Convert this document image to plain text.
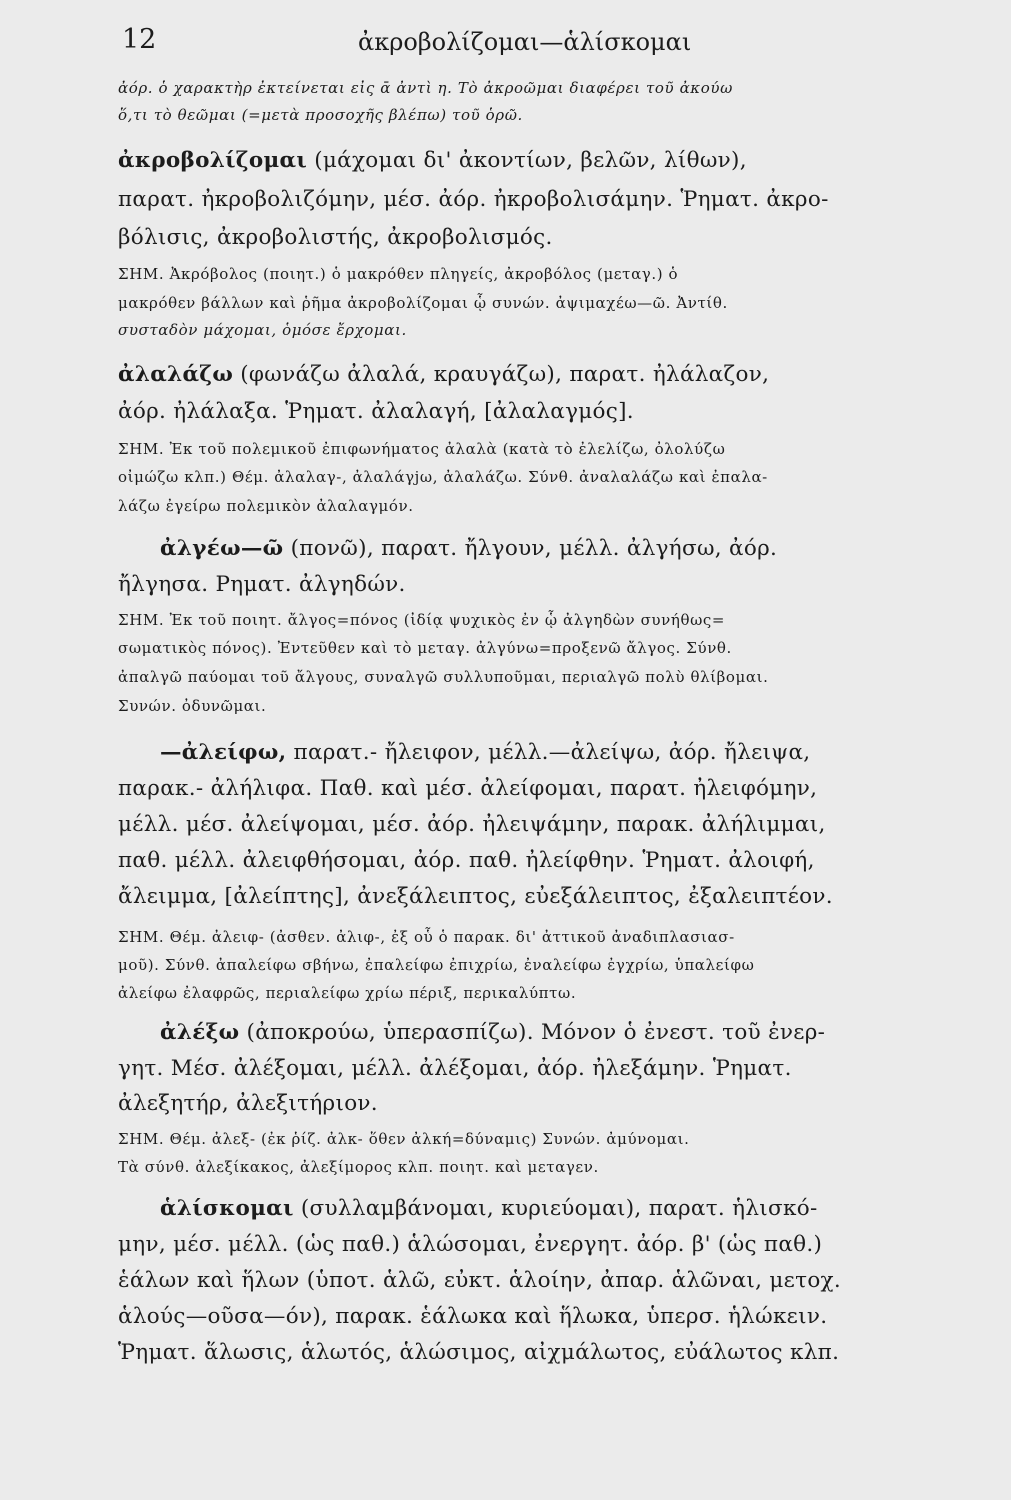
12	ἀκροβολίζομαι—ἁλίσκομαι
ἀόρ. ὁ χαρακτὴρ ἐκτείνεται εἰς ᾱ ἀντὶ η. Τὸ ἀκροῶμαι διαφέρει τοῦ ἀκούω
ὅ,τι τὸ θεῶμαι (=μετὰ προσοχῆς βλέπω) τοῦ ὁρῶ.
ἀκροβολίζομαι (μάχομαι δι' ἀκοντίων, βελῶν, λίθων),
παρατ. ἠκροβολιζόμην, μέσ. ἀόρ. ἠκροβολισάμην. Ῥηματ. ἀκρο-
βόλισις, ἀκροβολιστής, ἀκροβολισμός.
ΣΗΜ. Ἀκρόβολος (ποιητ.) ὁ μακρόθεν πληγείς, ἀκροβόλος (μεταγ.) ὁ
μακρόθεν βάλλων καὶ ῥῆμα ἀκροβολίζομαι ᾧ συνών. ἀψιμαχέω—ῶ. Ἀντίθ.
συσταδὸν μάχομαι, ὁμόσε ἔρχομαι.
ἀλαλάζω (φωνάζω ἀλαλά, κραυγάζω), παρατ. ἠλάλαζον,
ἀόρ. ἠλάλαξα. Ῥηματ. ἀλαλαγή, [ἀλαλαγμός].
ΣΗΜ. Ἐκ τοῦ πολεμικοῦ ἐπιφωνήματος ἀλαλὰ (κατὰ τὸ ἐλελίζω, ὀλολύζω
οἰμώζω κλπ.) Θέμ. ἀλαλαγ-, ἀλαλάγjω, ἀλαλάζω. Σύνθ. ἀναλαλάζω καὶ ἐπαλα-
λάζω ἐγείρω πολεμικὸν ἀλαλαγμόν.
ἀλγέω—ῶ (πονῶ), παρατ. ἤλγουν, μέλλ. ἀλγήσω, ἀόρ.
ἤλγησα. Ρηματ. ἀλγηδών.
ΣΗΜ. Ἐκ τοῦ ποιητ. ἄλγος=πόνος (ἰδίᾳ ψυχικὸς ἐν ᾧ ἀλγηδὼν συνήθως=
σωματικὸς πόνος). Ἐντεῦθεν καὶ τὸ μεταγ. ἀλγύνω=προξενῶ ἄλγος. Σύνθ.
ἀπαλγῶ παύομαι τοῦ ἄλγους, συναλγῶ συλλυποῦμαι, περιαλγῶ πολὺ θλίβομαι.
Συνών. ὀδυνῶμαι.
—ἀλείφω, παρατ.- ἤλειφον, μέλλ.—ἀλείψω, ἀόρ. ἤλειψα,
παρακ.- ἀλήλιφα. Παθ. καὶ μέσ. ἀλείφομαι, παρατ. ἠλειφόμην,
μέλλ. μέσ. ἀλείψομαι, μέσ. ἀόρ. ἠλειψάμην, παρακ. ἀλήλιμμαι,
παθ. μέλλ. ἀλειφθήσομαι, ἀόρ. παθ. ἠλείφθην. Ῥηματ. ἀλοιφή,
ἄλειμμα, [ἀλείπτης], ἀνεξάλειπτος, εὐεξάλειπτος, ἐξαλειπτέον.
ΣΗΜ. Θέμ. ἀλειφ- (ἀσθεν. ἀλιφ-, ἐξ οὗ ὁ παρακ. δι' ἀττικοῦ ἀναδιπλασιασ-
μοῦ). Σύνθ. ἀπαλείφω σβήνω, ἐπαλείφω ἐπιχρίω, ἐναλείφω ἐγχρίω, ὑπαλείφω
ἀλείφω ἐλαφρῶς, περιαλείφω χρίω πέριξ, περικαλύπτω.
ἀλέξω (ἀποκρούω, ὑπερασπίζω). Μόνον ὁ ἐνεστ. τοῦ ἐνερ-
γητ. Μέσ. ἀλέξομαι, μέλλ. ἀλέξομαι, ἀόρ. ἠλεξάμην. Ῥηματ.
ἀλεξητήρ, ἀλεξιτήριον.
ΣΗΜ. Θέμ. ἀλεξ- (ἐκ ῥίζ. ἀλκ- ὅθεν ἀλκή=δύναμις) Συνών. ἀμύνομαι.
Τὰ σύνθ. ἀλεξίκακος, ἀλεξίμορος κλπ. ποιητ. καὶ μεταγεν.
ἁλίσκομαι (συλλαμβάνομαι, κυριεύομαι), παρατ. ἡλισκό-
μην, μέσ. μέλλ. (ὡς παθ.) ἁλώσομαι, ἐνεργητ. ἀόρ. β' (ὡς παθ.)
ἑάλων καὶ ἥλων (ὑποτ. ἁλῶ, εὐκτ. ἁλοίην, ἀπαρ. ἁλῶναι, μετοχ.
ἁλούς—οῦσα—όν), παρακ. ἑάλωκα καὶ ἥλωκα, ὑπερσ. ἡλώκειν.
Ῥηματ. ἅλωσις, ἁλωτός, ἁλώσιμος, αἰχμάλωτος, εὐάλωτος κλπ.
